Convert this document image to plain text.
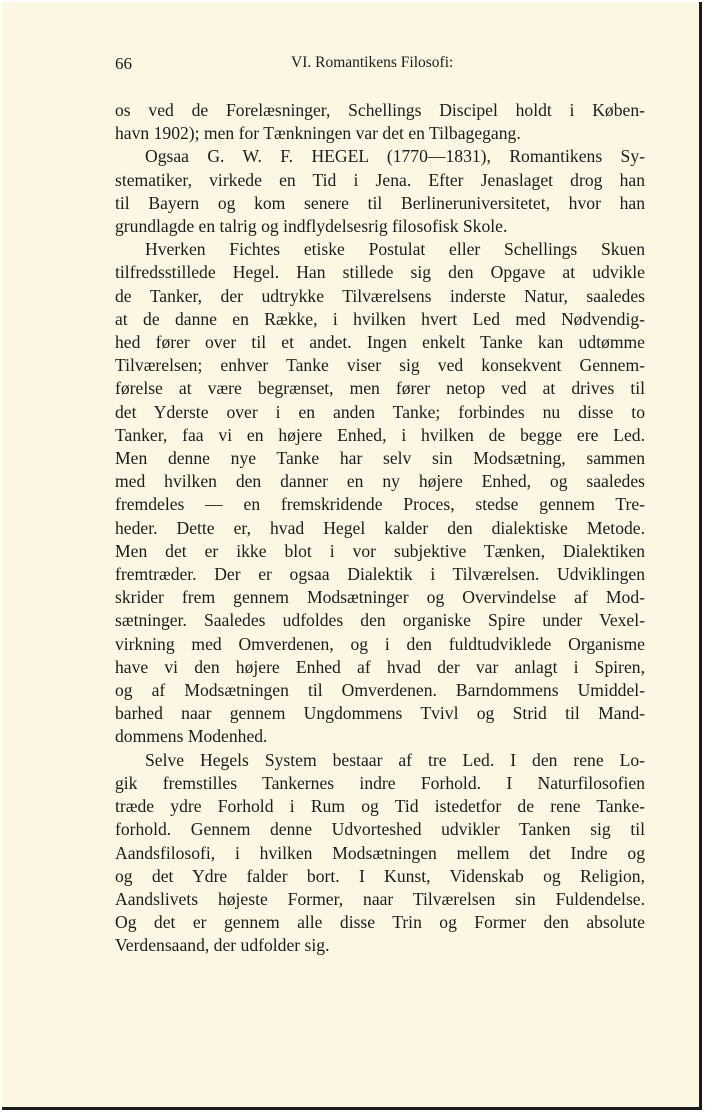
66	VI. Romantikens Filosofi:
os ved de Forelæsninger, Schellings Discipel holdt i Køben-
havn 1902); men for Tænkningen var det en Tilbagegang.
Ogsaa G. W. F. HEGEL (1770—1831), Romantikens Sy-
stematiker, virkede en Tid i Jena. Efter Jenaslaget drog han
til Bayern og kom senere til Berlineruniversitetet, hvor han
grundlagde en talrig og indflydelsesrig filosofisk Skole.
Hverken Fichtes etiske Postulat eller Schellings Skuen
tilfredsstillede Hegel. Han stillede sig den Opgave at udvikle
de Tanker, der udtrykke Tilværelsens inderste Natur, saaledes
at de danne en Række, i hvilken hvert Led med Nødvendig-
hed fører over til et andet. Ingen enkelt Tanke kan udtømme
Tilværelsen; enhver Tanke viser sig ved konsekvent Gennem-
førelse at være begrænset, men fører netop ved at drives til
det Yderste over i en anden Tanke; forbindes nu disse to
Tanker, faa vi en højere Enhed, i hvilken de begge ere Led.
Men denne nye Tanke har selv sin Modsætning, sammen
med hvilken den danner en ny højere Enhed, og saaledes
fremdeles — en fremskridende Proces, stedse gennem Tre-
heder. Dette er, hvad Hegel kalder den dialektiske Metode.
Men det er ikke blot i vor subjektive Tænken, Dialektiken
fremtræder. Der er ogsaa Dialektik i Tilværelsen. Udviklingen
skrider frem gennem Modsætninger og Overvindelse af Mod-
sætninger. Saaledes udfoldes den organiske Spire under Vexel-
virkning med Omverdenen, og i den fuldtudviklede Organisme
have vi den højere Enhed af hvad der var anlagt i Spiren,
og af Modsætningen til Omverdenen. Barndommens Umiddel-
barhed naar gennem Ungdommens Tvivl og Strid til Mand-
dommens Modenhed.
Selve Hegels System bestaar af tre Led. I den rene Lo-
gik fremstilles Tankernes indre Forhold. I Naturfilosofien
træde ydre Forhold i Rum og Tid istedetfor de rene Tanke-
forhold. Gennem denne Udvorteshed udvikler Tanken sig til
Aandsfilosofi, i hvilken Modsætningen mellem det Indre og
og det Ydre falder bort. I Kunst, Videnskab og Religion,
Aandslivets højeste Former, naar Tilværelsen sin Fuldendelse.
Og det er gennem alle disse Trin og Former den absolute
Verdensaand, der udfolder sig.
